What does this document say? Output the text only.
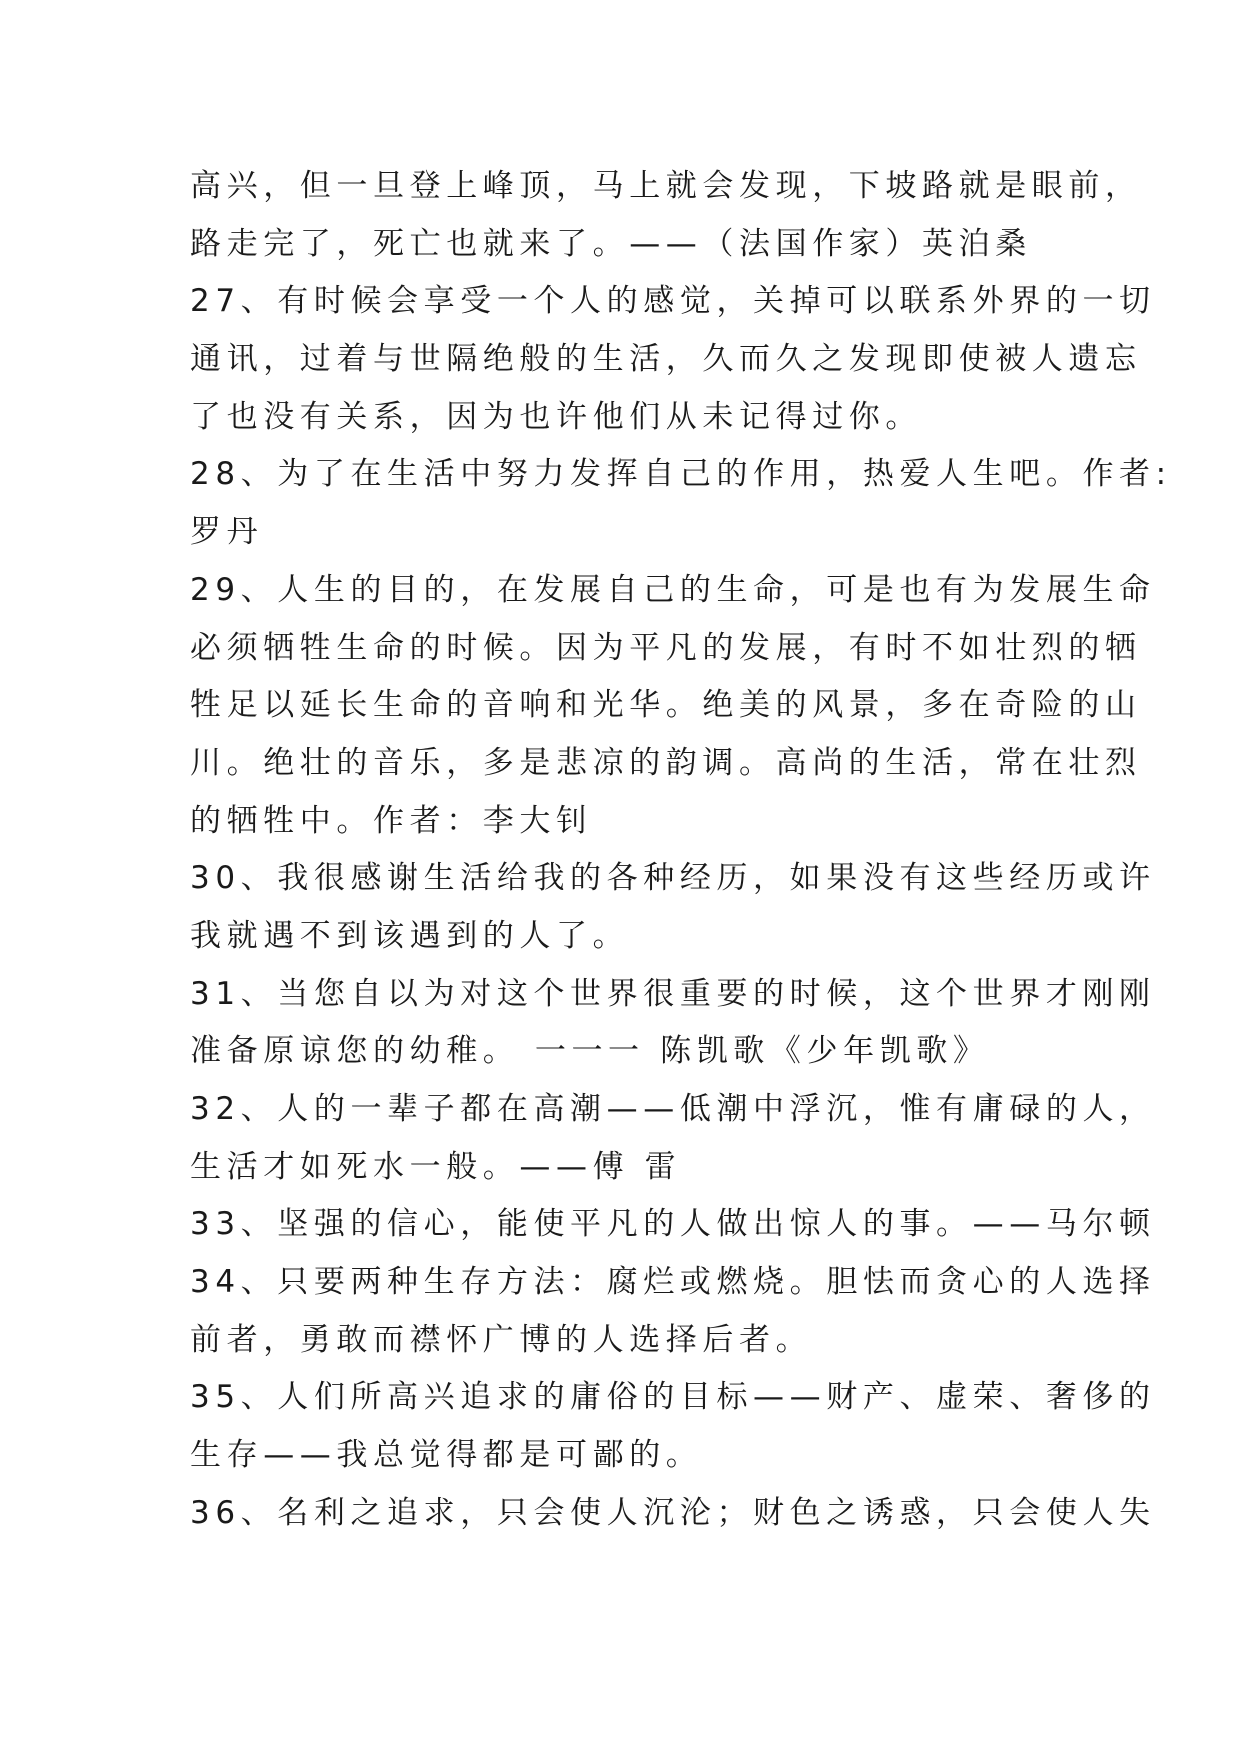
高兴，但一旦登上峰顶，马上就会发现，下坡路就是眼前，
路走完了，死亡也就来了。——（法国作家）英泊桑
27、有时候会享受一个人的感觉，关掉可以联系外界的一切
通讯，过着与世隔绝般的生活，久而久之发现即使被人遗忘
了也没有关系，因为也许他们从未记得过你。
28、为了在生活中努力发挥自己的作用，热爱人生吧。作者:
罗丹
29、人生的目的，在发展自己的生命，可是也有为发展生命
必须牺牲生命的时候。因为平凡的发展，有时不如壮烈的牺
牲足以延长生命的音响和光华。绝美的风景，多在奇险的山
川。绝壮的音乐，多是悲凉的韵调。高尚的生活，常在壮烈
的牺牲中。作者：李大钊
30、我很感谢生活给我的各种经历，如果没有这些经历或许
我就遇不到该遇到的人了。
31、当您自以为对这个世界很重要的时候，这个世界才刚刚
准备原谅您的幼稚。 一一一 陈凯歌《少年凯歌》
32、人的一辈子都在高潮——低潮中浮沉，惟有庸碌的人，
生活才如死水一般。——傅 雷
33、坚强的信心，能使平凡的人做出惊人的事。——马尔顿
34、只要两种生存方法：腐烂或燃烧。胆怯而贪心的人选择
前者，勇敢而襟怀广博的人选择后者。
35、人们所高兴追求的庸俗的目标——财产、虚荣、奢侈的
生存——我总觉得都是可鄙的。
36、名利之追求，只会使人沉沦；财色之诱惑，只会使人失
